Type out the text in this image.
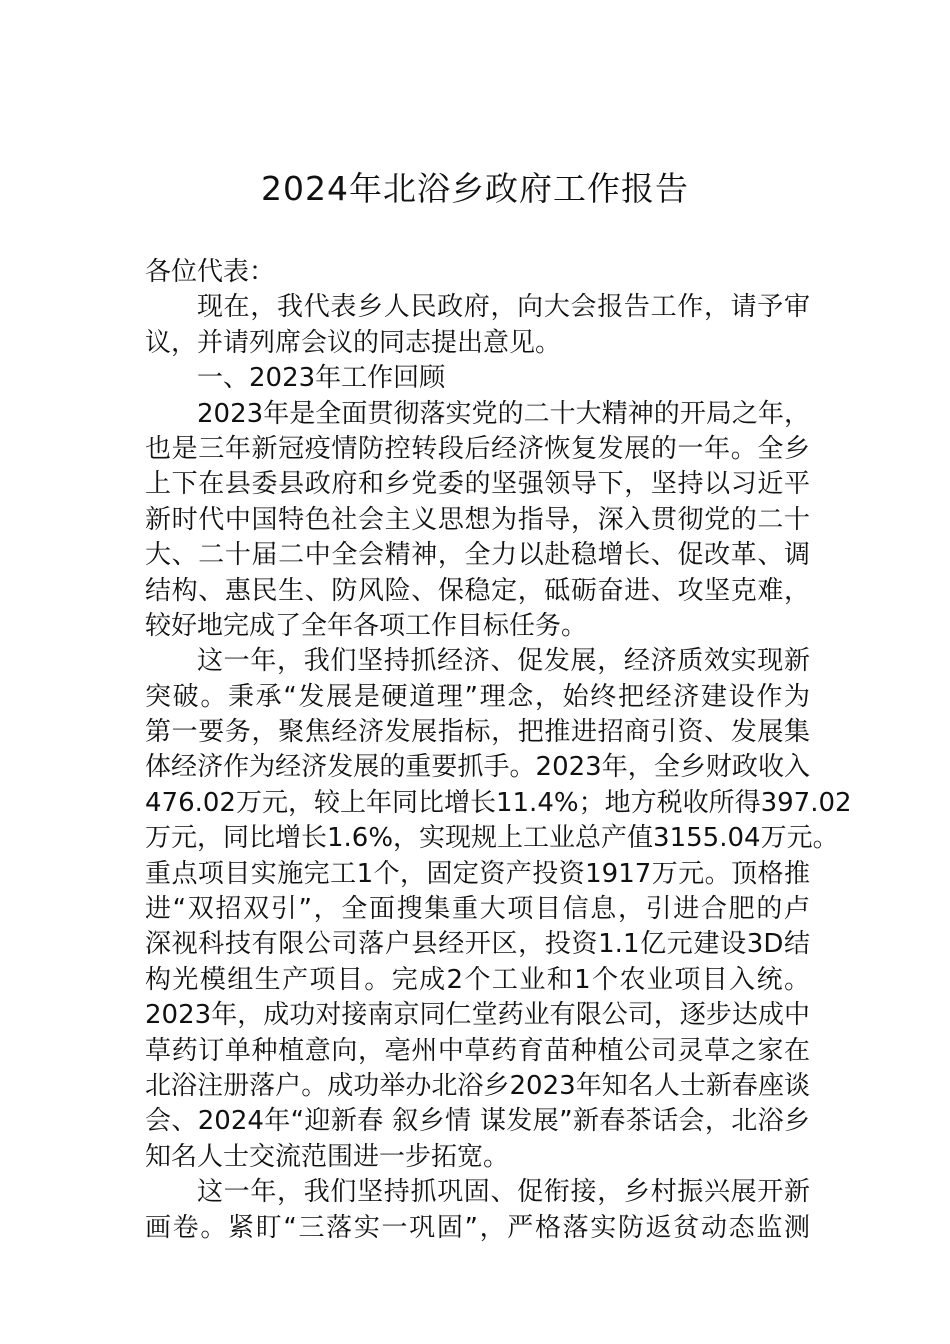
2024年北浴乡政府工作报告
各位代表：
现在，我代表乡人民政府，向大会报告工作，请予审
议，并请列席会议的同志提出意见。
一、2023年工作回顾
2023年是全面贯彻落实党的二十大精神的开局之年，
也是三年新冠疫情防控转段后经济恢复发展的一年。全乡
上下在县委县政府和乡党委的坚强领导下，坚持以习近平
新时代中国特色社会主义思想为指导，深入贯彻党的二十
大、二十届二中全会精神，全力以赴稳增长、促改革、调
结构、惠民生、防风险、保稳定，砥砺奋进、攻坚克难，
较好地完成了全年各项工作目标任务。
这一年，我们坚持抓经济、促发展，经济质效实现新
突破。秉承“发展是硬道理”理念，始终把经济建设作为
第一要务，聚焦经济发展指标，把推进招商引资、发展集
体经济作为经济发展的重要抓手。2023年，全乡财政收入
476.02万元，较上年同比增长11.4%；地方税收所得397.02
万元，同比增长1.6%，实现规上工业总产值3155.04万元。
重点项目实施完工1个，固定资产投资1917万元。顶格推
进“双招双引”，全面搜集重大项目信息，引进合肥的卢
深视科技有限公司落户县经开区，投资1.1亿元建设3D结
构光模组生产项目。完成2个工业和1个农业项目入统。
2023年，成功对接南京同仁堂药业有限公司，逐步达成中
草药订单种植意向，亳州中草药育苗种植公司灵草之家在
北浴注册落户。成功举办北浴乡2023年知名人士新春座谈
会、2024年“迎新春 叙乡情 谋发展”新春茶话会，北浴乡
知名人士交流范围进一步拓宽。
这一年，我们坚持抓巩固、促衔接，乡村振兴展开新
画卷。紧盯“三落实一巩固”，严格落实防返贫动态监测
